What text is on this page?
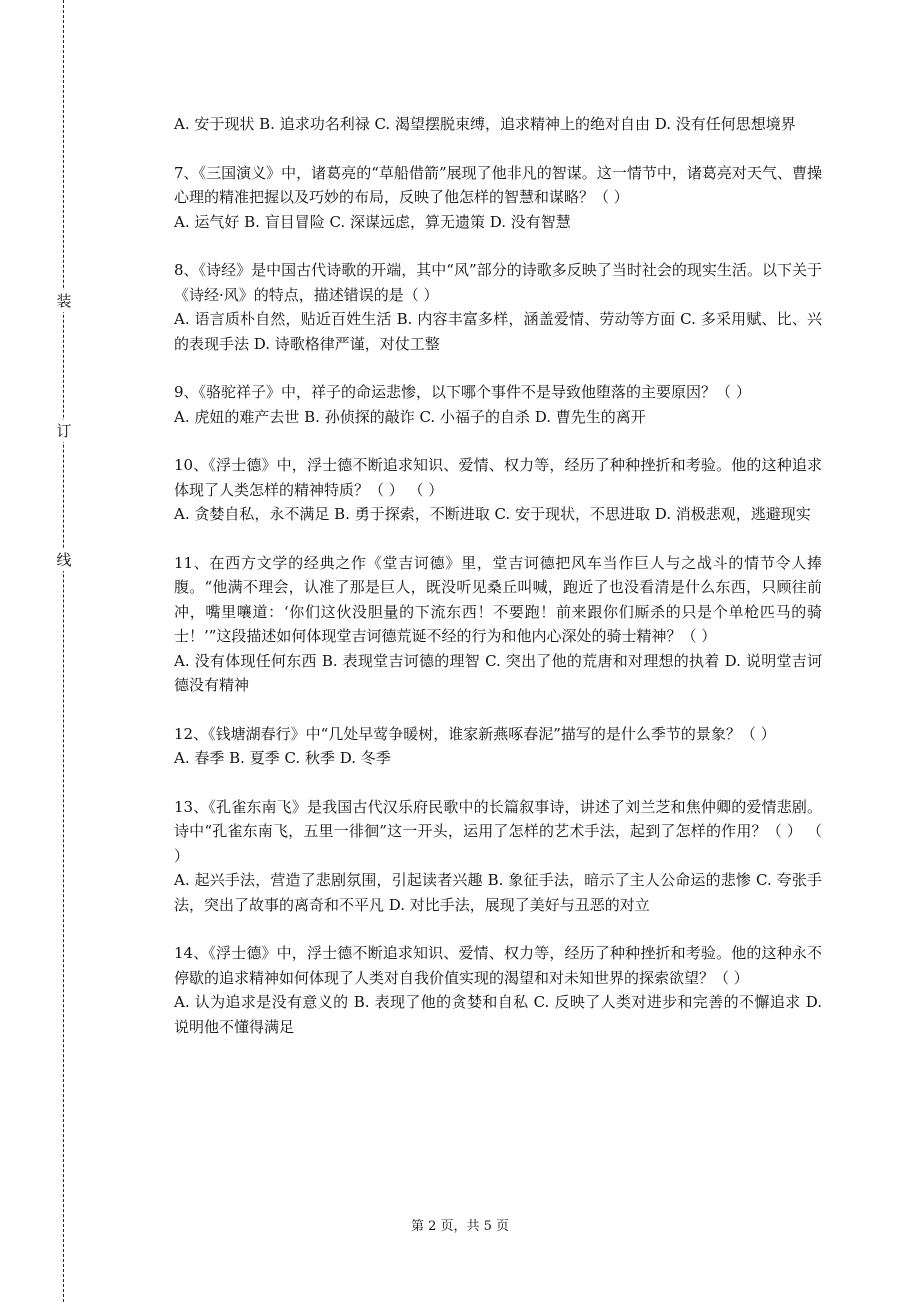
装
订
线

A. 安于现状 B. 追求功名利禄 C. 渴望摆脱束缚，追求精神上的绝对自由 D. 没有任何思想境界

7、《三国演义》中，诸葛亮的“草船借箭”展现了他非凡的智谋。这一情节中，诸葛亮对天气、曹操心理的精准把握以及巧妙的布局，反映了他怎样的智慧和谋略？（ ）

A. 运气好 B. 盲目冒险 C. 深谋远虑，算无遗策 D. 没有智慧

8、《诗经》是中国古代诗歌的开端，其中“风”部分的诗歌多反映了当时社会的现实生活。以下关于《诗经·风》的特点，描述错误的是（ ）

A. 语言质朴自然，贴近百姓生活 B. 内容丰富多样，涵盖爱情、劳动等方面 C. 多采用赋、比、兴的表现手法 D. 诗歌格律严谨，对仗工整

9、《骆驼祥子》中，祥子的命运悲惨，以下哪个事件不是导致他堕落的主要原因？（ ）

A. 虎妞的难产去世 B. 孙侦探的敲诈 C. 小福子的自杀 D. 曹先生的离开

10、《浮士德》中，浮士德不断追求知识、爱情、权力等，经历了种种挫折和考验。他的这种追求体现了人类怎样的精神特质？（ ） （ ）

A. 贪婪自私，永不满足 B. 勇于探索，不断进取 C. 安于现状，不思进取 D. 消极悲观，逃避现实

11、在西方文学的经典之作《堂吉诃德》里，堂吉诃德把风车当作巨人与之战斗的情节令人捧腹。“他满不理会，认准了那是巨人，既没听见桑丘叫喊，跑近了也没看清是什么东西，只顾往前冲，嘴里嚷道：‘你们这伙没胆量的下流东西！不要跑！前来跟你们厮杀的只是个单枪匹马的骑士！’”这段描述如何体现堂吉诃德荒诞不经的行为和他内心深处的骑士精神？（ ）

A. 没有体现任何东西 B. 表现堂吉诃德的理智 C. 突出了他的荒唐和对理想的执着 D. 说明堂吉诃德没有精神

12、《钱塘湖春行》中“几处早莺争暖树，谁家新燕啄春泥”描写的是什么季节的景象？（ ）

A. 春季 B. 夏季 C. 秋季 D. 冬季

13、《孔雀东南飞》是我国古代汉乐府民歌中的长篇叙事诗，讲述了刘兰芝和焦仲卿的爱情悲剧。诗中“孔雀东南飞，五里一徘徊”这一开头，运用了怎样的艺术手法，起到了怎样的作用？（ ） （ ）

A. 起兴手法，营造了悲剧氛围，引起读者兴趣 B. 象征手法，暗示了主人公命运的悲惨 C. 夸张手法，突出了故事的离奇和不平凡 D. 对比手法，展现了美好与丑恶的对立

14、《浮士德》中，浮士德不断追求知识、爱情、权力等，经历了种种挫折和考验。他的这种永不停歇的追求精神如何体现了人类对自我价值实现的渴望和对未知世界的探索欲望？（ ）

A. 认为追求是没有意义的 B. 表现了他的贪婪和自私 C. 反映了人类对进步和完善的不懈追求 D. 说明他不懂得满足

第 2 页，共 5 页
